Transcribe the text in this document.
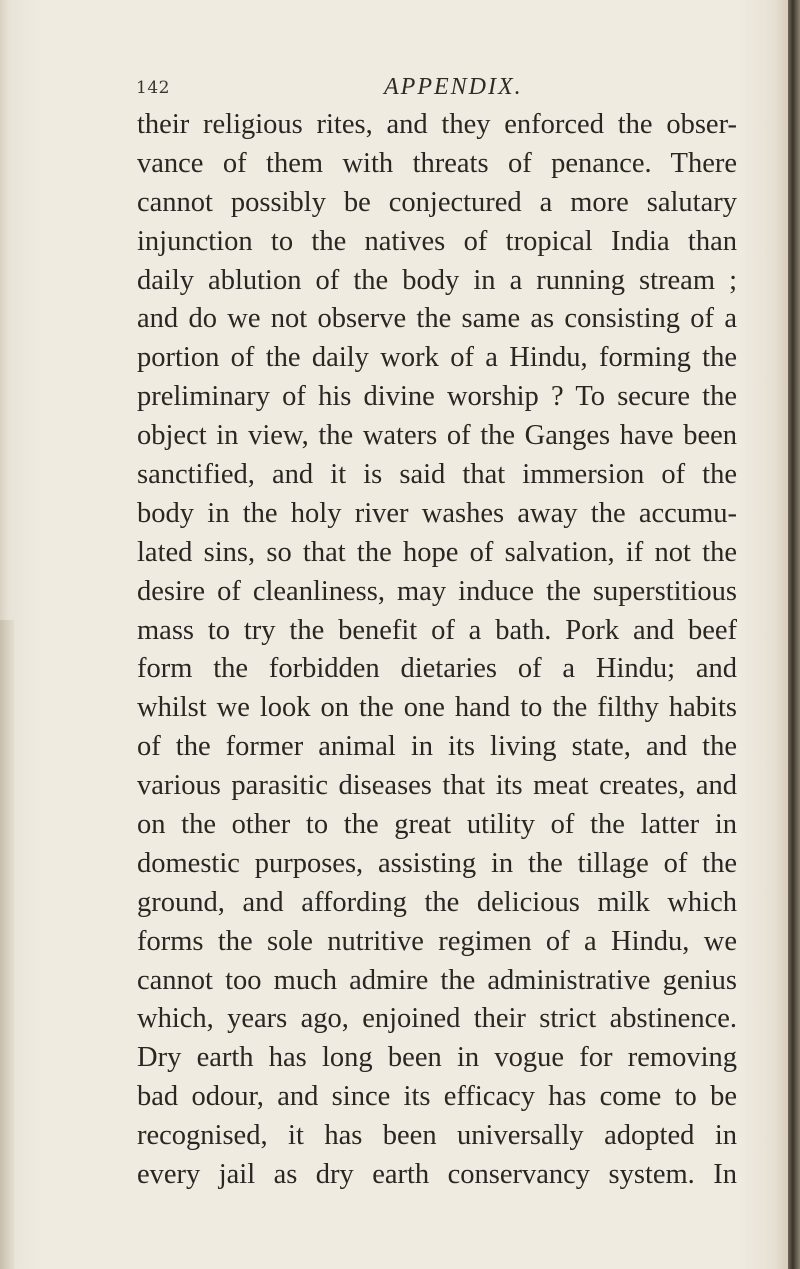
142	APPENDIX.
their religious rites, and they enforced the obser-
vance of them with threats of penance. There
cannot possibly be conjectured a more salutary
injunction to the natives of tropical India than
daily ablution of the body in a running stream ;
and do we not observe the same as consisting of a
portion of the daily work of a Hindu, forming the
preliminary of his divine worship ? To secure the
object in view, the waters of the Ganges have been
sanctified, and it is said that immersion of the
body in the holy river washes away the accumu-
lated sins, so that the hope of salvation, if not the
desire of cleanliness, may induce the superstitious
mass to try the benefit of a bath. Pork and beef
form the forbidden dietaries of a Hindu; and
whilst we look on the one hand to the filthy habits
of the former animal in its living state, and the
various parasitic diseases that its meat creates, and
on the other to the great utility of the latter in
domestic purposes, assisting in the tillage of the
ground, and affording the delicious milk which
forms the sole nutritive regimen of a Hindu, we
cannot too much admire the administrative genius
which, years ago, enjoined their strict abstinence.
Dry earth has long been in vogue for removing
bad odour, and since its efficacy has come to be
recognised, it has been universally adopted in
every jail as dry earth conservancy system. In
